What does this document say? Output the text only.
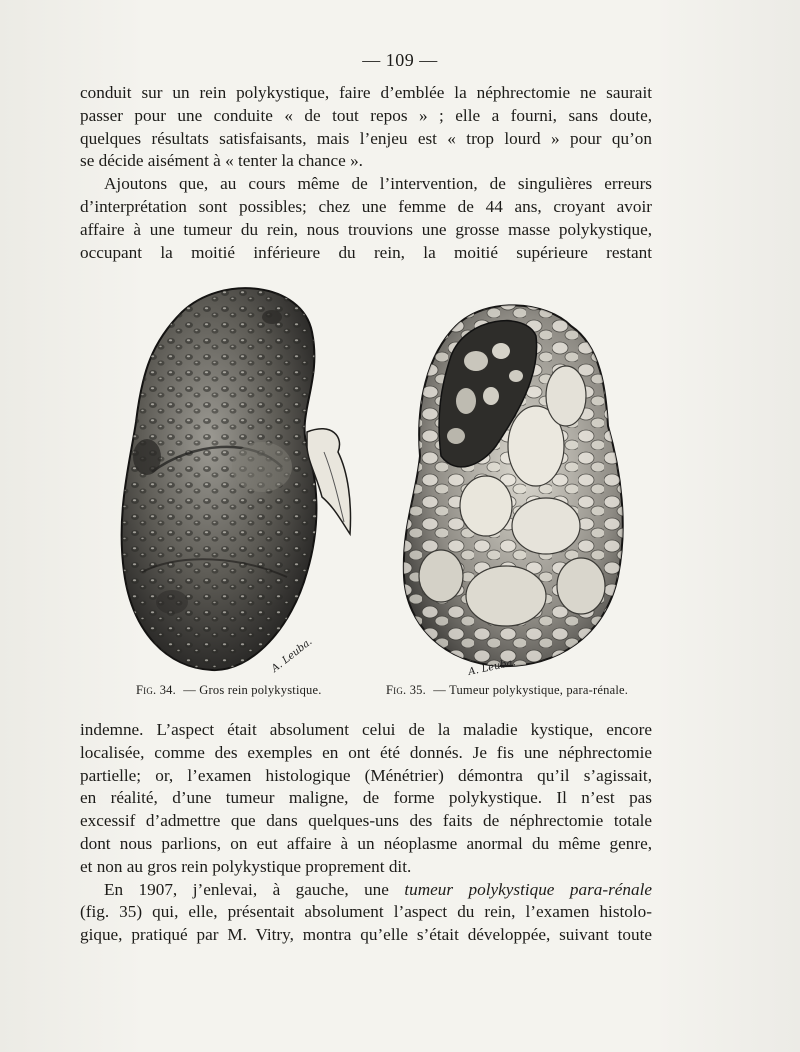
— 109 —
conduit sur un rein polykystique, faire d’emblée la néphrectomie ne saurait
passer pour une conduite « de tout repos » ; elle a fourni, sans doute,
quelques résultats satisfaisants, mais l’enjeu est « trop lourd » pour qu’on
se décide aisément à « tenter la chance ».
Ajoutons que, au cours même de l’intervention, de singulières erreurs
d’interprétation sont possibles; chez une femme de 44 ans, croyant avoir
affaire à une tumeur du rein, nous trouvions une grosse masse polykystique,
occupant la moitié inférieure du rein, la moitié supérieure restant
A. Leuba.	A. Leuba.
Fig. 34. — Gros rein polykystique.	Fig. 35. — Tumeur polykystique, para-rénale.
indemne. L’aspect était absolument celui de la maladie kystique, encore
localisée, comme des exemples en ont été donnés. Je fis une néphrectomie
partielle; or, l’examen histologique (Ménétrier) démontra qu’il s’agissait,
en réalité, d’une tumeur maligne, de forme polykystique. Il n’est pas
excessif d’admettre que dans quelques-uns des faits de néphrectomie totale
dont nous parlions, on eut affaire à un néoplasme anormal du même genre,
et non au gros rein polykystique proprement dit.
En 1907, j’enlevai, à gauche, une tumeur polykystique para-rénale
(fig. 35) qui, elle, présentait absolument l’aspect du rein, l’examen histolo-
gique, pratiqué par M. Vitry, montra qu’elle s’était développée, suivant toute
